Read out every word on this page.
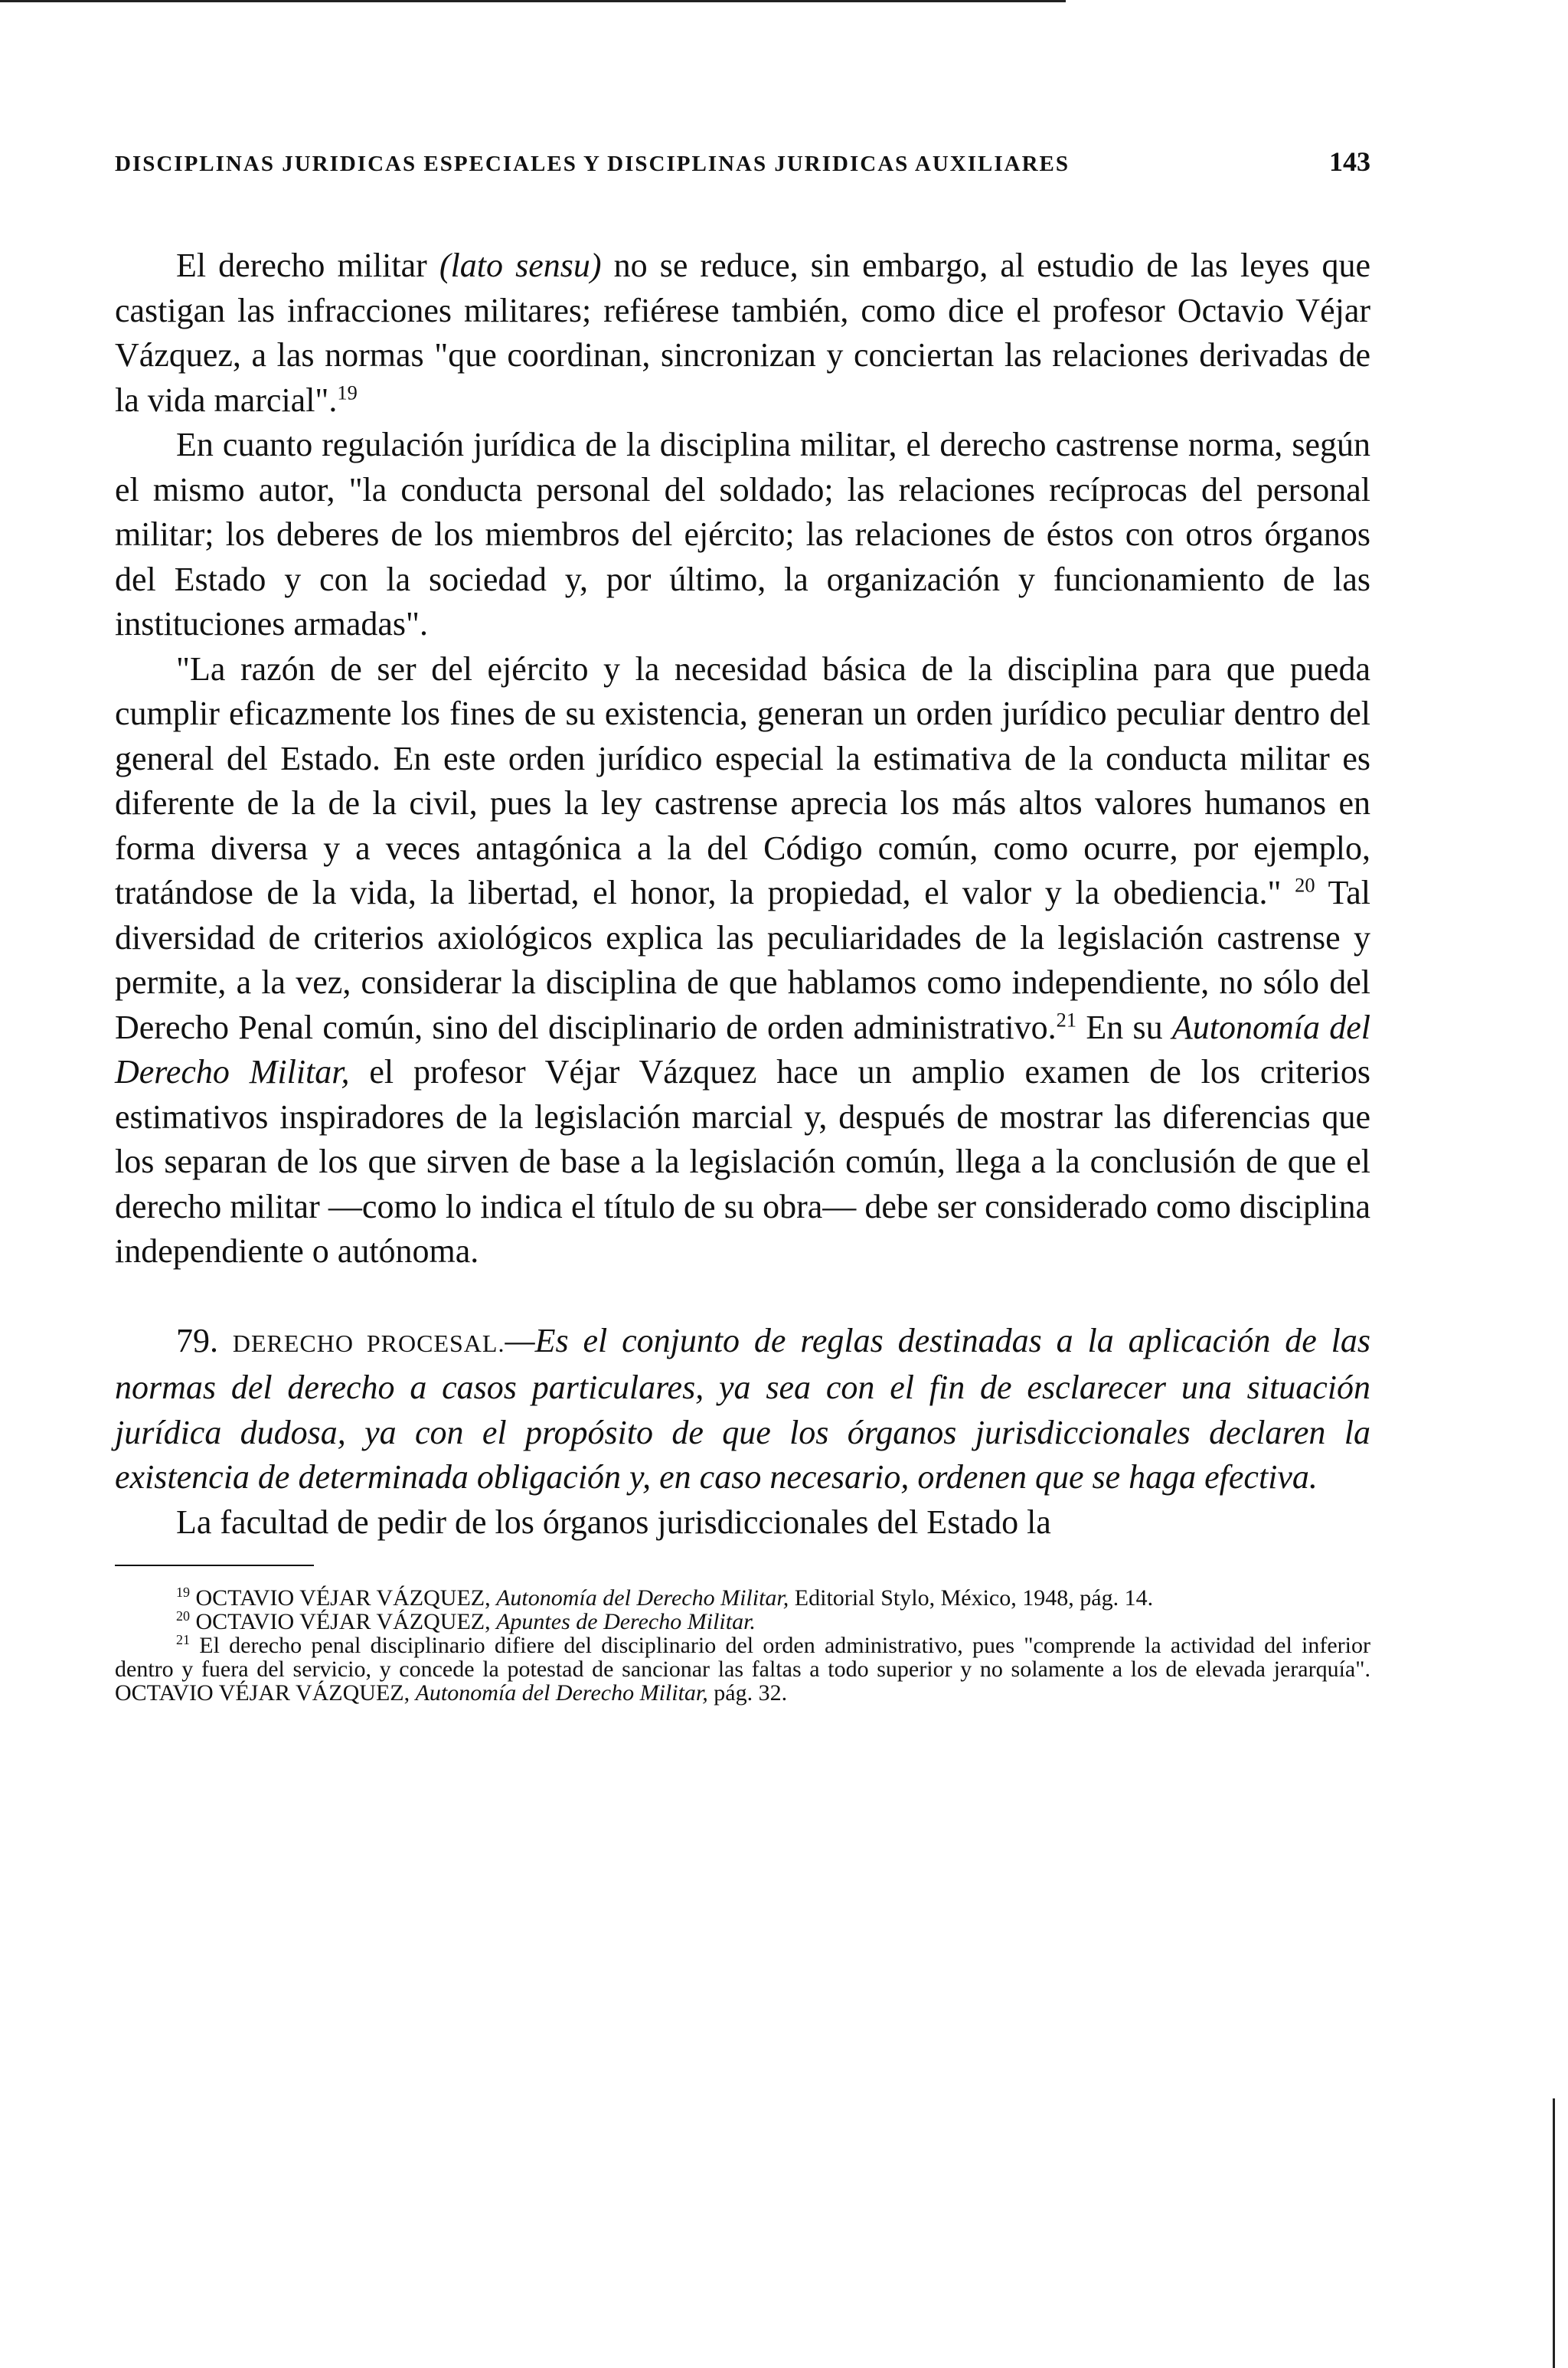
DISCIPLINAS JURIDICAS ESPECIALES Y DISCIPLINAS JURIDICAS AUXILIARES	143

El derecho militar (lato sensu) no se reduce, sin embargo, al estudio de las leyes que castigan las infracciones militares; refiérese también, como dice el profesor Octavio Véjar Vázquez, a las normas "que coordinan, sincronizan y conciertan las relaciones derivadas de la vida marcial".$^{19}$

En cuanto regulación jurídica de la disciplina militar, el derecho castrense norma, según el mismo autor, "la conducta personal del soldado; las relaciones recíprocas del personal militar; los deberes de los miembros del ejército; las relaciones de éstos con otros órganos del Estado y con la sociedad y, por último, la organización y funcionamiento de las instituciones armadas".

"La razón de ser del ejército y la necesidad básica de la disciplina para que pueda cumplir eficazmente los fines de su existencia, generan un orden jurídico peculiar dentro del general del Estado. En este orden jurídico especial la estimativa de la conducta militar es diferente de la de la civil, pues la ley castrense aprecia los más altos valores humanos en forma diversa y a veces antagónica a la del Código común, como ocurre, por ejemplo, tratándose de la vida, la libertad, el honor, la propiedad, el valor y la obediencia." $^{20}$ Tal diversidad de criterios axiológicos explica las peculiaridades de la legislación castrense y permite, a la vez, considerar la disciplina de que hablamos como independiente, no sólo del Derecho Penal común, sino del disciplinario de orden administrativo.$^{21}$ En su Autonomía del Derecho Militar, el profesor Véjar Vázquez hace un amplio examen de los criterios estimativos inspiradores de la legislación marcial y, después de mostrar las diferencias que los separan de los que sirven de base a la legislación común, llega a la conclusión de que el derecho militar —como lo indica el título de su obra— debe ser considerado como disciplina independiente o autónoma.

79. DERECHO PROCESAL.—Es el conjunto de reglas destinadas a la aplicación de las normas del derecho a casos particulares, ya sea con el fin de esclarecer una situación jurídica dudosa, ya con el propósito de que los órganos jurisdiccionales declaren la existencia de determinada obligación y, en caso necesario, ordenen que se haga efectiva.

La facultad de pedir de los órganos jurisdiccionales del Estado la

$^{19}$ OCTAVIO VÉJAR VÁZQUEZ, Autonomía del Derecho Militar, Editorial Stylo, México, 1948, pág. 14.

$^{20}$ OCTAVIO VÉJAR VÁZQUEZ, Apuntes de Derecho Militar.

$^{21}$ El derecho penal disciplinario difiere del disciplinario del orden administrativo, pues "comprende la actividad del inferior dentro y fuera del servicio, y concede la potestad de sancionar las faltas a todo superior y no solamente a los de elevada jerarquía". OCTAVIO VÉJAR VÁZQUEZ, Autonomía del Derecho Militar, pág. 32.
